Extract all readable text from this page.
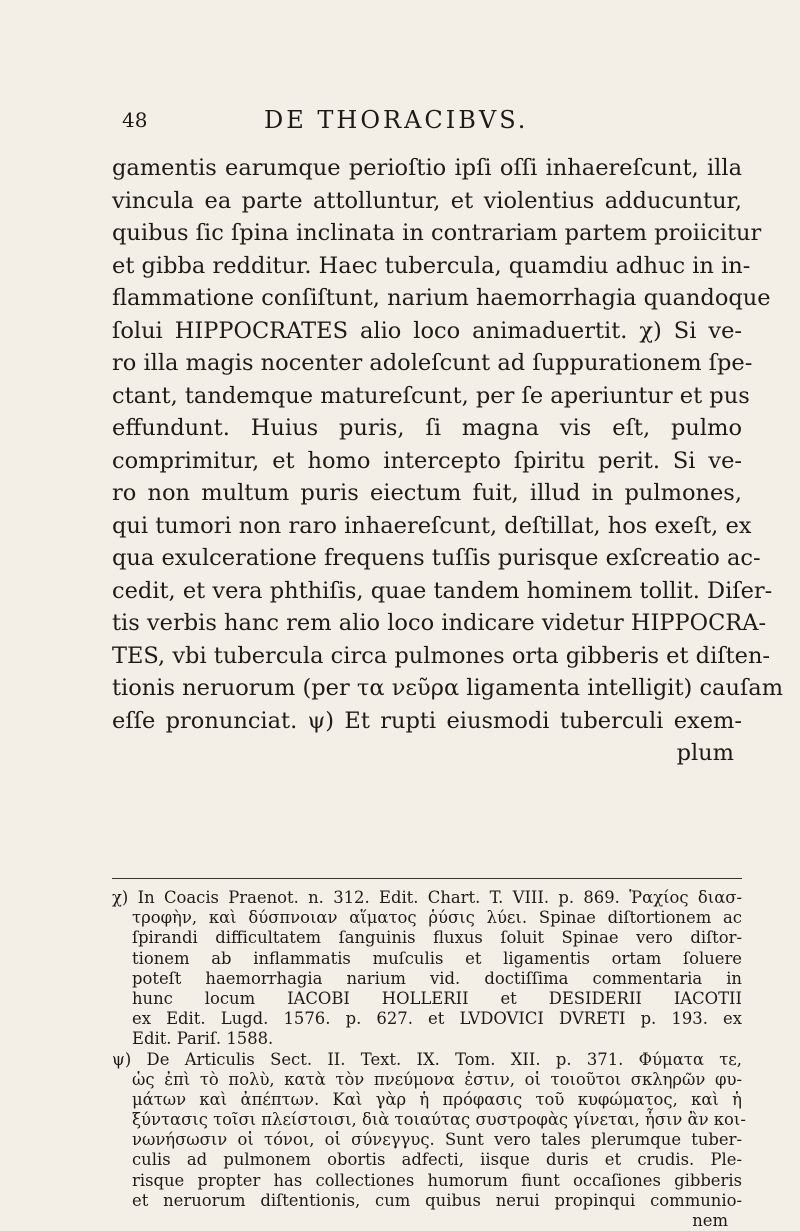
48	DE THORACIBVS.
gamentis earumque perioſtio ipſi oſſi inhaereſcunt, illa
vincula ea parte attolluntur, et violentius adducuntur,
quibus ſic ſpina inclinata in contrariam partem proiicitur
et gibba redditur. Haec tubercula, quamdiu adhuc in in-
flammatione conſiſtunt, narium haemorrhagia quandoque
ſolui HIPPOCRATES alio loco animaduertit. χ) Si ve-
ro illa magis nocenter adoleſcunt ad ſuppurationem ſpe-
ctant, tandemque matureſcunt, per ſe aperiuntur et pus
effundunt. Huius puris, ſi magna vis eſt, pulmo
comprimitur, et homo intercepto ſpiritu perit. Si ve-
ro non multum puris eiectum fuit, illud in pulmones,
qui tumori non raro inhaereſcunt, deſtillat, hos exeſt, ex
qua exulceratione frequens tuſſis purisque exſcreatio ac-
cedit, et vera phthiſis, quae tandem hominem tollit. Diſer-
tis verbis hanc rem alio loco indicare videtur HIPPOCRA-
TES, vbi tubercula circa pulmones orta gibberis et diſten-
tionis neruorum (per τα νεῦρα ligamenta intelligit) cauſam
eſſe pronunciat. ψ) Et rupti eiusmodi tuberculi exem-
plum
χ) In Coacis Praenot. n. 312. Edit. Chart. T. VIII. p. 869. Ῥαχίος διασ-
τροφὴν, καὶ δύσπνοιαν αἵματος ῥύσις λύει. Spinae diſtortionem ac
ſpirandi difficultatem ſanguinis fluxus ſoluit Spinae vero diſtor-
tionem ab inflammatis muſculis et ligamentis ortam ſoluere
poteſt haemorrhagia narium vid. doctiſſima commentaria in
hunc locum IACOBI HOLLERII et DESIDERII IACOTII
ex Edit. Lugd. 1576. p. 627. et LVDOVICI DVRETI p. 193. ex
Edit. Pariſ. 1588.
ψ) De Articulis Sect. II. Text. IX. Tom. XII. p. 371. Φύματα τε,
ὡς ἐπὶ τὸ πολὺ, κατὰ τὸν πνεύμονα ἐστιν, οἱ τοιοῦτοι σκληρῶν φυ-
μάτων καὶ ἀπέπτων. Καὶ γὰρ ἡ πρόφασις τοῦ κυφώματος, καὶ ἡ
ξύντασις τοῖσι πλείστοισι, διὰ τοιαύτας συστροφὰς γίνεται, ἧσιν ἂν κοι-
νωνήσωσιν οἱ τόνοι, οἱ σύνεγγυς. Sunt vero tales plerumque tuber-
culis ad pulmonem obortis adfecti, iisque duris et crudis. Ple-
risque propter has collectiones humorum fiunt occaſiones gibberis
et neruorum diſtentionis, cum quibus nerui propinqui communio-
nem
